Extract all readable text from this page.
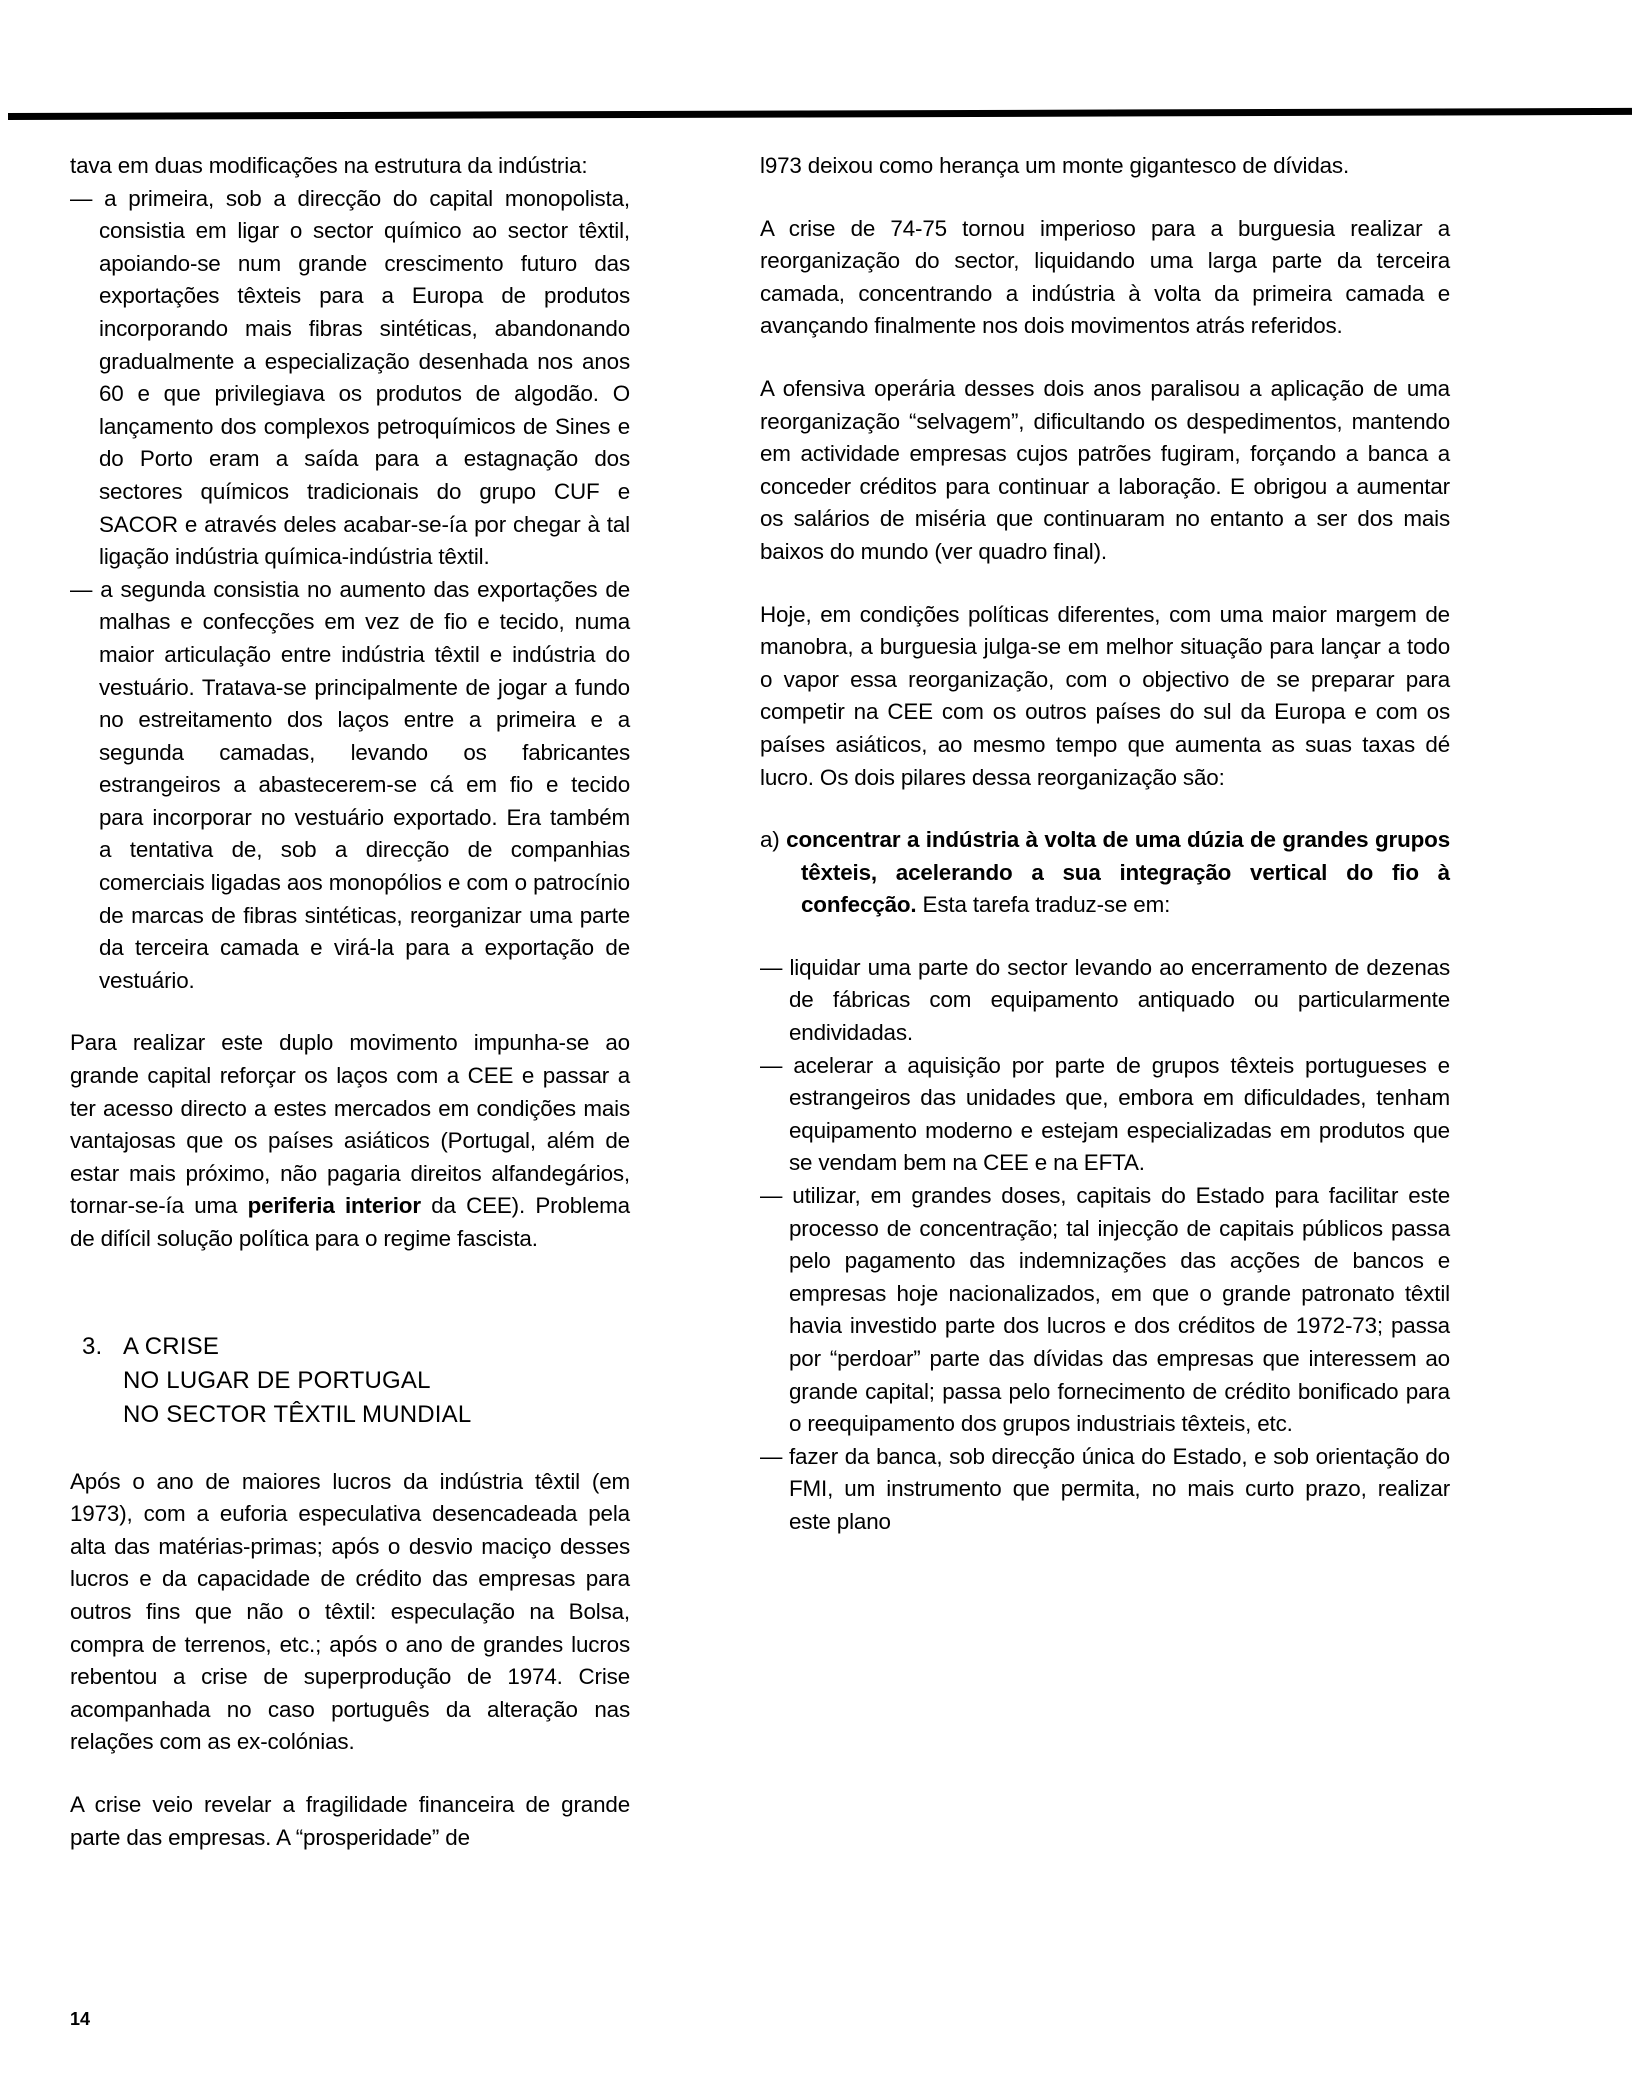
tava em duas modificações na estrutura da indústria:
— a primeira, sob a direcção do capital monopolista, consistia em ligar o sector químico ao sector têxtil, apoiando-se num grande crescimento futuro das exportações têxteis para a Europa de produtos incorporando mais fibras sintéticas, abandonando gradualmente a especialização desenhada nos anos 60 e que privilegiava os produtos de algodão. O lançamento dos complexos petroquímicos de Sines e do Porto eram a saída para a estagnação dos sectores químicos tradicionais do grupo CUF e SACOR e através deles acabar-se-ía por chegar à tal ligação indústria química-indústria têxtil.
— a segunda consistia no aumento das exportações de malhas e confecções em vez de fio e tecido, numa maior articulação entre indústria têxtil e indústria do vestuário. Tratava-se principalmente de jogar a fundo no estreitamento dos laços entre a primeira e a segunda camadas, levando os fabricantes estrangeiros a abastecerem-se cá em fio e tecido para incorporar no vestuário exportado. Era também a tentativa de, sob a direcção de companhias comerciais ligadas aos monopólios e com o patrocínio de marcas de fibras sintéticas, reorganizar uma parte da terceira camada e virá-la para a exportação de vestuário.
Para realizar este duplo movimento impunha-se ao grande capital reforçar os laços com a CEE e passar a ter acesso directo a estes mercados em condições mais vantajosas que os países asiáticos (Portugal, além de estar mais próximo, não pagaria direitos alfandegários, tornar-se-ía uma periferia interior da CEE). Problema de difícil solução política para o regime fascista.
3. A CRISE
NO LUGAR DE PORTUGAL
NO SECTOR TÊXTIL MUNDIAL
Após o ano de maiores lucros da indústria têxtil (em 1973), com a euforia especulativa desencadeada pela alta das matérias-primas; após o desvio maciço desses lucros e da capacidade de crédito das empresas para outros fins que não o têxtil: especulação na Bolsa, compra de terrenos, etc.; após o ano de grandes lucros rebentou a crise de superprodução de 1974. Crise acompanhada no caso português da alteração nas relações com as ex-colónias.
A crise veio revelar a fragilidade financeira de grande parte das empresas. A “prosperidade” de
l973 deixou como herança um monte gigantesco de dívidas.
A crise de 74-75 tornou imperioso para a burguesia realizar a reorganização do sector, liquidando uma larga parte da terceira camada, concentrando a indústria à volta da primeira camada e avançando finalmente nos dois movimentos atrás referidos.
A ofensiva operária desses dois anos paralisou a aplicação de uma reorganização “selvagem”, dificultando os despedimentos, mantendo em actividade empresas cujos patrões fugiram, forçando a banca a conceder créditos para continuar a laboração. E obrigou a aumentar os salários de miséria que continuaram no entanto a ser dos mais baixos do mundo (ver quadro final).
Hoje, em condições políticas diferentes, com uma maior margem de manobra, a burguesia julga-se em melhor situação para lançar a todo o vapor essa reorganização, com o objectivo de se preparar para competir na CEE com os outros países do sul da Europa e com os países asiáticos, ao mesmo tempo que aumenta as suas taxas dé lucro. Os dois pilares dessa reorganização são:
a) concentrar a indústria à volta de uma dúzia de grandes grupos têxteis, acelerando a sua integração vertical do fio à confecção. Esta tarefa traduz-se em:
— liquidar uma parte do sector levando ao encerramento de dezenas de fábricas com equipamento antiquado ou particularmente endividadas.
— acelerar a aquisição por parte de grupos têxteis portugueses e estrangeiros das unidades que, embora em dificuldades, tenham equipamento moderno e estejam especializadas em produtos que se vendam bem na CEE e na EFTA.
— utilizar, em grandes doses, capitais do Estado para facilitar este processo de concentração; tal injecção de capitais públicos passa pelo pagamento das indemnizações das acções de bancos e empresas hoje nacionalizados, em que o grande patronato têxtil havia investido parte dos lucros e dos créditos de 1972-73; passa por “perdoar” parte das dívidas das empresas que interessem ao grande capital; passa pelo fornecimento de crédito bonificado para o reequipamento dos grupos industriais têxteis, etc.
— fazer da banca, sob direcção única do Estado, e sob orientação do FMI, um instrumento que permita, no mais curto prazo, realizar este plano
14
